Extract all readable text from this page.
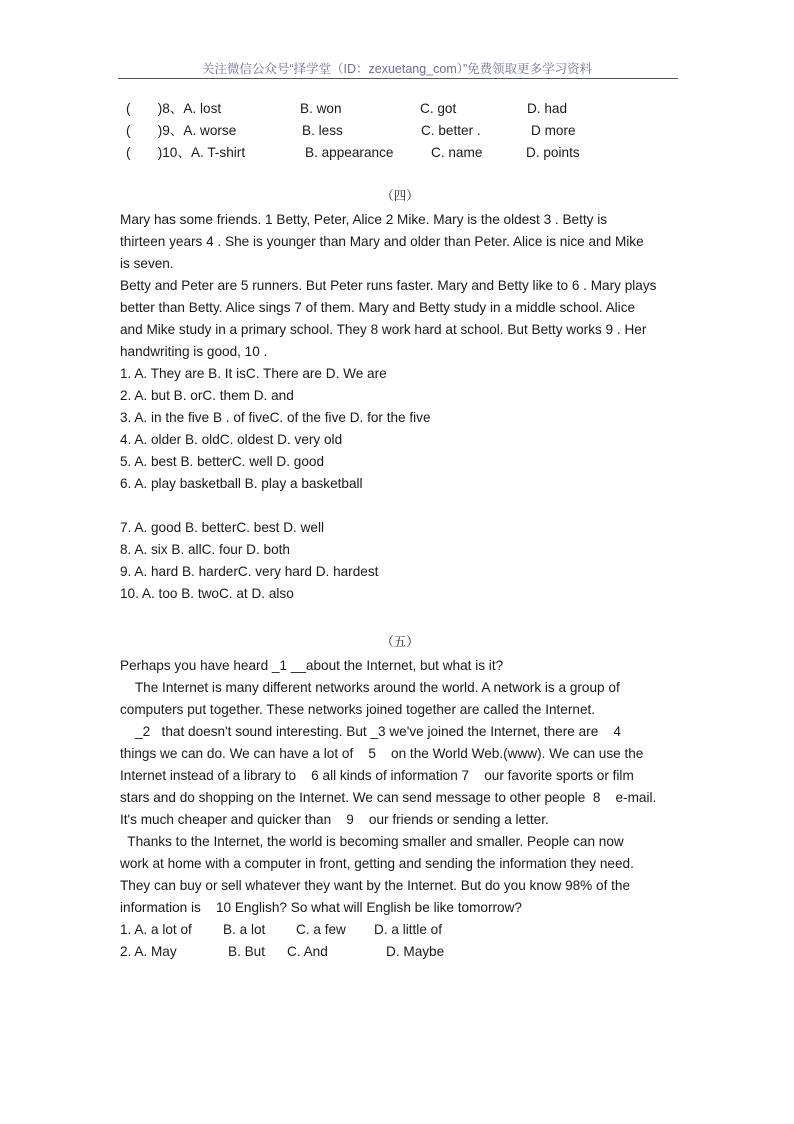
关注微信公众号“择学堂（ID：zexuetang_com）”免费领取更多学习资料
(　　)8、A. lost	B. won	C. got	D. had
(　　)9、A. worse	B. less	C. better .	D more
(　　)10、A. T-shirt	B. appearance	C. name	D. points
（四）
Mary has some friends. 1 Betty, Peter, Alice 2 Mike. Mary is the oldest 3 . Betty is
thirteen years 4 . She is younger than Mary and older than Peter. Alice is nice and Mike
is seven.
Betty and Peter are 5 runners. But Peter runs faster. Mary and Betty like to 6 . Mary plays
better than Betty. Alice sings 7 of them. Mary and Betty study in a middle school. Alice
and Mike study in a primary school. They 8 work hard at school. But Betty works 9 . Her
handwriting is good, 10 .
1. A. They are B. It isC. There are D. We are
2. A. but B. orC. them D. and
3. A. in the five B . of fiveC. of the five D. for the five
4. A. older B. oldC. oldest D. very old
5. A. best B. betterC. well D. good
6. A. play basketball B. play a basketball
7. A. good B. betterC. best D. well
8. A. six B. allC. four D. both
9. A. hard B. harderC. very hard D. hardest
10. A. too B. twoC. at D. also
（五）
Perhaps you have heard _1 __about the Internet, but what is it?
The Internet is many different networks around the world. A network is a group of
computers put together. These networks joined together are called the Internet.
_2   that doesn't sound interesting. But _3 we've joined the Internet, there are    4
things we can do. We can have a lot of    5    on the World Web.(www). We can use the
Internet instead of a library to    6 all kinds of information 7    our favorite sports or film
stars and do shopping on the Internet. We can send message to other people  8    e-mail.
It's much cheaper and quicker than    9    our friends or sending a letter.
Thanks to the Internet, the world is becoming smaller and smaller. People can now
work at home with a computer in front, getting and sending the information they need.
They can buy or sell whatever they want by the Internet. But do you know 98% of the
information is    10 English? So what will English be like tomorrow?
1. A. a lot of B. a lot C. a few D. a little of
2. A. May	B. But C. And	D. Maybe
